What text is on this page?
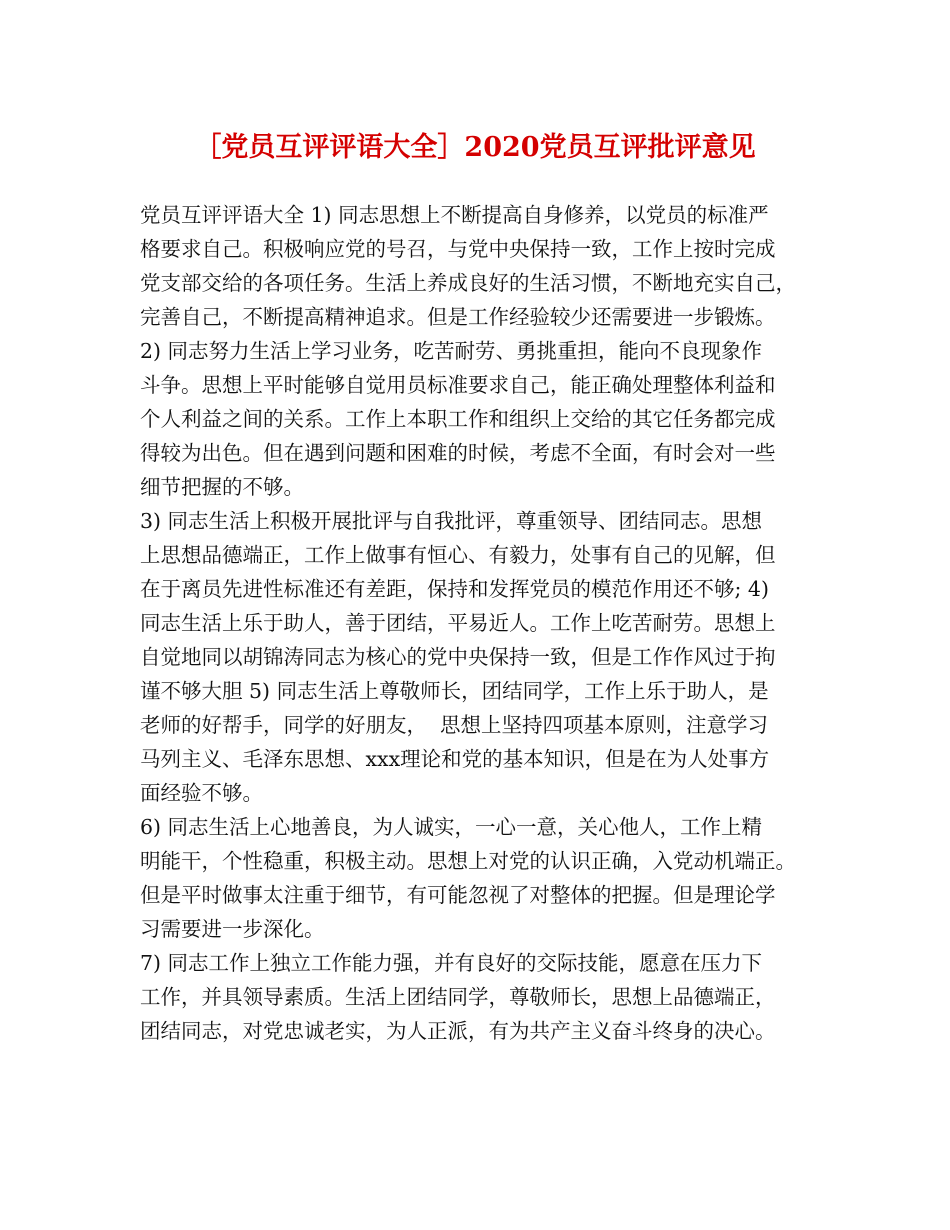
［党员互评评语大全］2020党员互评批评意见
党员互评评语大全 1) 同志思想上不断提高自身修养，以党员的标准严
格要求自己。积极响应党的号召，与党中央保持一致，工作上按时完成
党支部交给的各项任务。生活上养成良好的生活习惯，不断地充实自己，
完善自己，不断提高精神追求。但是工作经验较少还需要进一步锻炼。
2) 同志努力生活上学习业务，吃苦耐劳、勇挑重担，能向不良现象作
斗争。思想上平时能够自觉用员标准要求自己，能正确处理整体利益和
个人利益之间的关系。工作上本职工作和组织上交给的其它任务都完成
得较为出色。但在遇到问题和困难的时候，考虑不全面，有时会对一些
细节把握的不够。
3) 同志生活上积极开展批评与自我批评，尊重领导、团结同志。思想
上思想品德端正，工作上做事有恒心、有毅力，处事有自己的见解，但
在于离员先进性标准还有差距，保持和发挥党员的模范作用还不够; 4)
同志生活上乐于助人，善于团结，平易近人。工作上吃苦耐劳。思想上
自觉地同以胡锦涛同志为核心的党中央保持一致，但是工作作风过于拘
谨不够大胆 5) 同志生活上尊敬师长，团结同学，工作上乐于助人，是
老师的好帮手，同学的好朋友，  思想上坚持四项基本原则，注意学习
马列主义、毛泽东思想、xxx理论和党的基本知识，但是在为人处事方
面经验不够。
6) 同志生活上心地善良，为人诚实，一心一意，关心他人，工作上精
明能干，个性稳重，积极主动。思想上对党的认识正确，入党动机端正。
但是平时做事太注重于细节，有可能忽视了对整体的把握。但是理论学
习需要进一步深化。
7) 同志工作上独立工作能力强，并有良好的交际技能，愿意在压力下
工作，并具领导素质。生活上团结同学，尊敬师长，思想上品德端正，
团结同志，对党忠诚老实，为人正派，有为共产主义奋斗终身的决心。
